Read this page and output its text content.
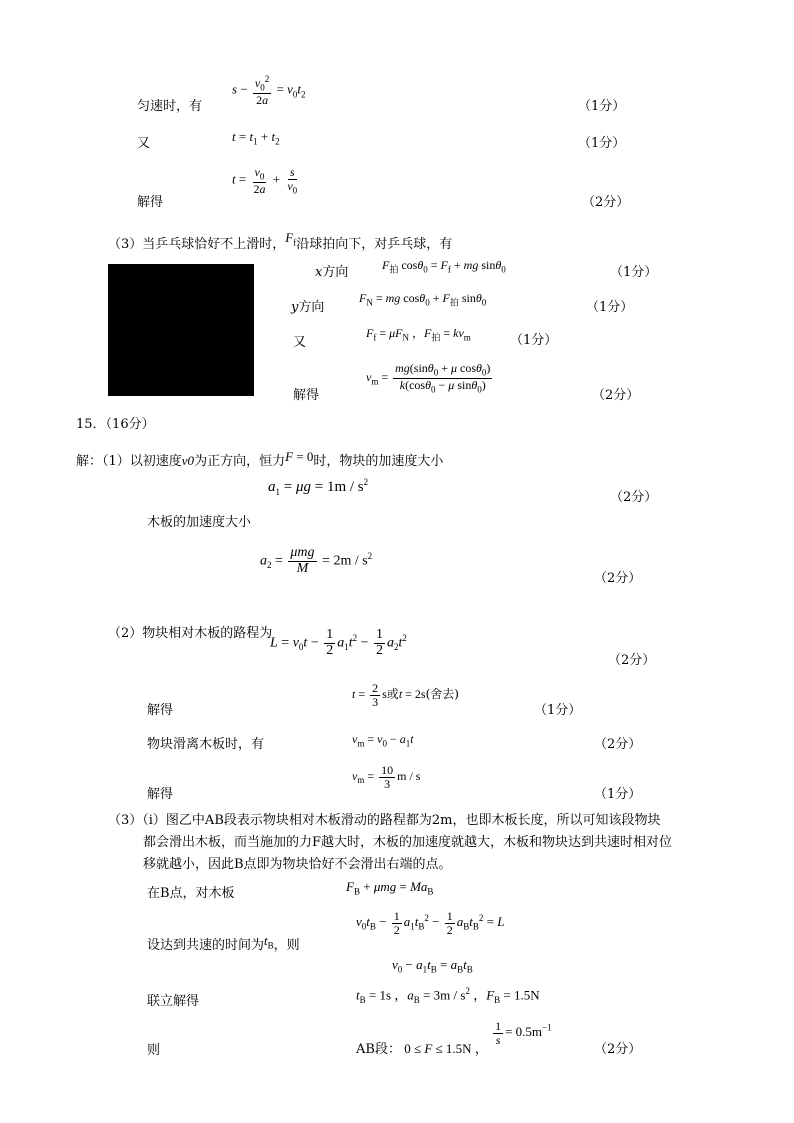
匀速时，有
$s - \frac{v_0^2}{2a} = v_0t_2$
（1分）
又	$t = t_1 + t_2$	（1分）
解得
$t = \frac{v_0}{2a} + \frac{s}{v_0}$
（2分）
（3）当乒乓球恰好不上滑时，$F_f$沿球拍向下，对乒乓球，有
x方向	$F_拍$ $\cos\theta_0 = F_f$ + mg sinθ$_0$	（1分）
y方向
$F_N$ = mg $\cos\theta_0 + F_拍$ sinθ$_0$	（1分）
又
$F_f = \mu F_N$ ，$F_拍 = kv_m$	（1分）
解得
$v_m = \frac{mg(\sin\theta_0 + \mu \cos\theta_0)}{k(\cos\theta_0 - \mu \sin\theta_0)}$
（2分）
15．（16分）
解：（1）以初速度v0为正方向，恒力F = 0时，物块的加速度大小
$a_1 = \mu g = 1m / s^2$
（2分）
木板的加速度大小
$a_2 = \frac{\text{μmg}}{M} = 2m / s^2$
（2分）
（2）物块相对木板的路程为
$L = v_0t - \frac{1}{2} a_1t^2 - \frac{1}{2} a_2t^2$
（2分）
解得
$t = \frac{2}{3}$ s或t = 2s(舍去)
（1分）
物块滑离木板时，有	$v_m = v_0 - a_1t$	（2分）
解得
$v_m = \frac{10}{3}$ m / s
（1分）
（3）（ⅰ）图乙中AB段表示物块相对木板滑动的路程都为2m，也即木板长度，所以可知该段物块
都会滑出木板，而当施加的力F越大时，木板的加速度就越大，木板和物块达到共速时相对位
移就越小，因此B点即为物块恰好不会滑出右端的点。
在B点，对木板	$F_B + \mu mg = Ma_B$
设达到共速的时间为$t_B$，则
$v_0t_B - \frac{1}{2} a_1t_B^2 - \frac{1}{2} a_Bt_B^2 = L$
$v_0 - a_1t_B = a_Bt_B$
联立解得	$t_B = 1s$ ，$a_B = 3m / s^2$ ，$F_B = 1.5N$
则	AB段： 0 ≤ F ≤ 1.5N ，
$\frac{1}{s} = 0.5m^{-1}$
（2分）
